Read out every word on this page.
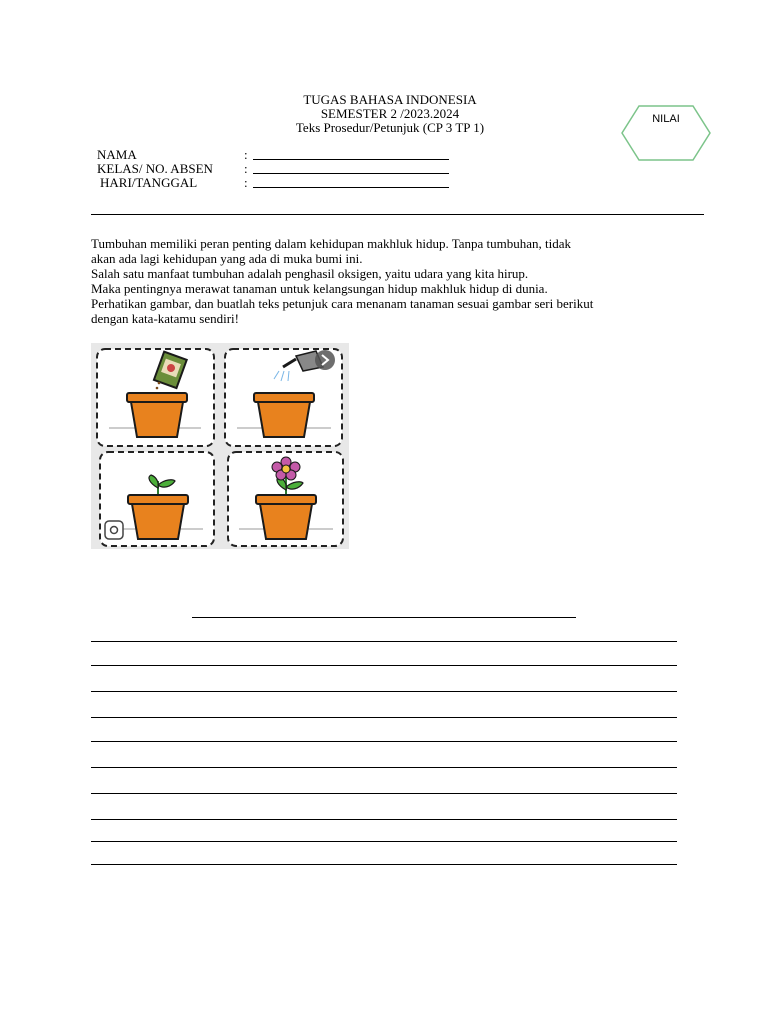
TUGAS BAHASA INDONESIA
SEMESTER 2 /2023.2024
Teks Prosedur/Petunjuk (CP 3 TP 1)
NILAI
NAMA	:
KELAS/ NO. ABSEN :
HARI/TANGGAL	:

Tumbuhan memiliki peran penting dalam kehidupan makhluk hidup. Tanpa tumbuhan, tidak

akan ada lagi kehidupan yang ada di muka bumi ini.

Salah satu manfaat tumbuhan adalah penghasil oksigen, yaitu udara yang kita hirup.

Maka pentingnya merawat tanaman untuk kelangsungan hidup makhluk hidup di dunia.

Perhatikan gambar, dan buatlah teks petunjuk cara menanam tanaman sesuai gambar seri berikut

dengan kata-katamu sendiri!
